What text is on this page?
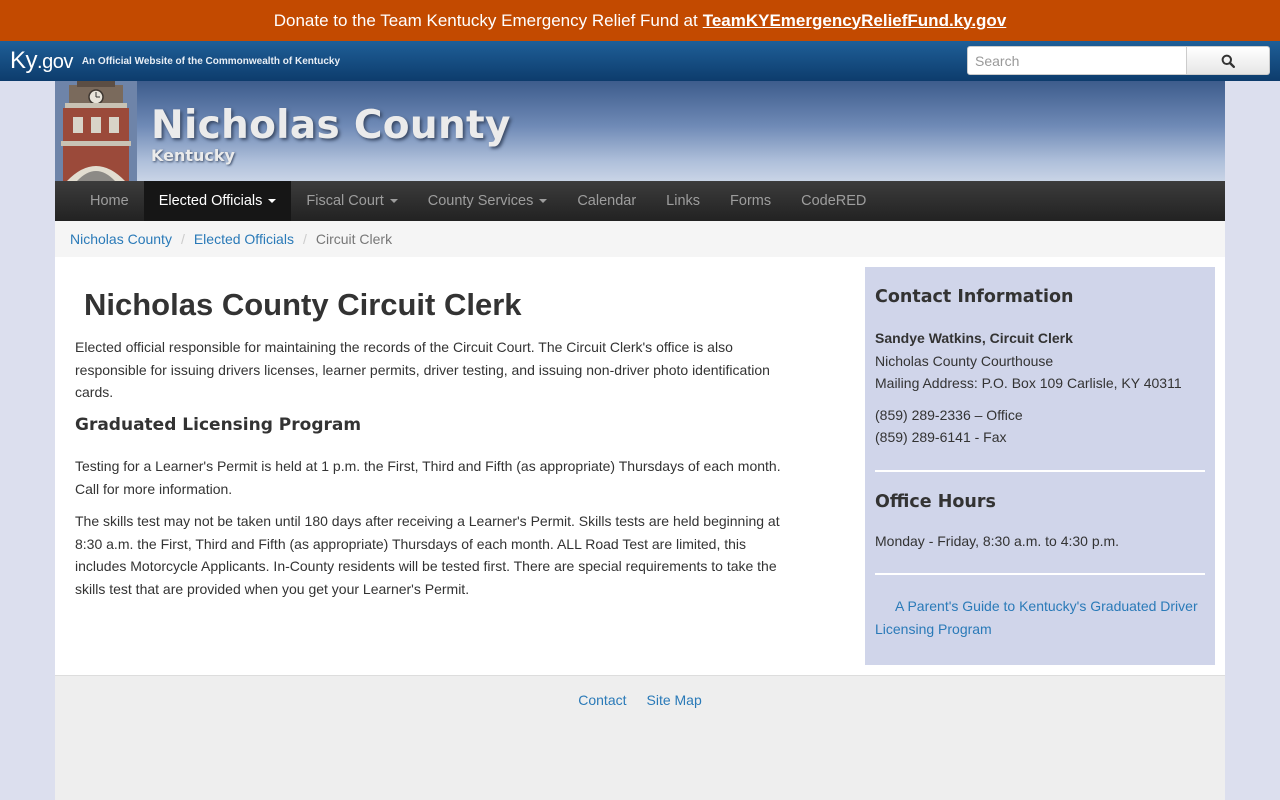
Donate to the Team Kentucky Emergency Relief Fund at TeamKYEmergencyReliefFund.ky.gov
Ky.gov An Official Website of the Commonwealth of Kentucky
Search
Nicholas County
Kentucky
Home Elected Officials	Fiscal Court	County Services	Calendar Links Forms CodeRED
Nicholas County / Elected Officials / Circuit Clerk
Nicholas County Circuit Clerk

Elected official responsible for maintaining the records of the Circuit Court. The Circuit Clerk's office is also responsible for issuing drivers licenses, learner permits, driver testing, and issuing non-driver photo identification cards.

Graduated Licensing Program

Testing for a Learner's Permit is held at 1 p.m. the First, Third and Fifth (as appropriate) Thursdays of each month. Call for more information.

The skills test may not be taken until 180 days after receiving a Learner's Permit. Skills tests are held beginning at 8:30 a.m. the First, Third and Fifth (as appropriate) Thursdays of each month. ALL Road Test are limited, this includes Motorcycle Applicants. In-County residents will be tested first. There are special requirements to take the skills test that are provided when you get your Learner's Permit.

Contact Information
Sandye Watkins, Circuit Clerk
Nicholas County Courthouse
Mailing Address: P.O. Box 109 Carlisle, KY 40311
(859) 289-2336 – Office
(859) 289-6141 - Fax
Office Hours
Monday - Friday, 8:30 a.m. to 4:30 p.m.
A Parent's Guide to Kentucky's Graduated Driver Licensing Program
Contact Site Map
